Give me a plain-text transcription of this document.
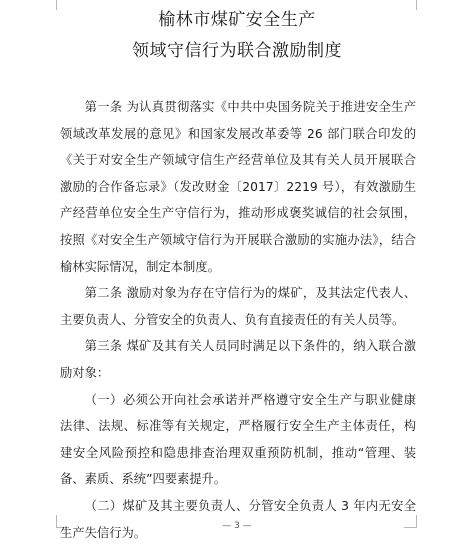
榆林市煤矿安全生产
领域守信行为联合激励制度

第一条 为认真贯彻落实《中共中央国务院关于推进安全生产领域改革发展的意见》和国家发展改革委等 26 部门联合印发的《关于对安全生产领域守信生产经营单位及其有关人员开展联合激励的合作备忘录》（发改财金〔2017〕2219 号），有效激励生产经营单位安全生产守信行为，推动形成褒奖诚信的社会氛围，按照《对安全生产领域守信行为开展联合激励的实施办法》，结合榆林实际情况，制定本制度。

第二条 激励对象为存在守信行为的煤矿，及其法定代表人、主要负责人、分管安全的负责人、负有直接责任的有关人员等。

第三条 煤矿及其有关人员同时满足以下条件的，纳入联合激励对象：

（一）必须公开向社会承诺并严格遵守安全生产与职业健康法律、法规、标准等有关规定，严格履行安全生产主体责任，构建安全风险预控和隐患排查治理双重预防机制，推动“管理、装备、素质、系统”四要素提升。

（二）煤矿及其主要负责人、分管安全负责人 3 年内无安全生产失信行为。	— 3 —
